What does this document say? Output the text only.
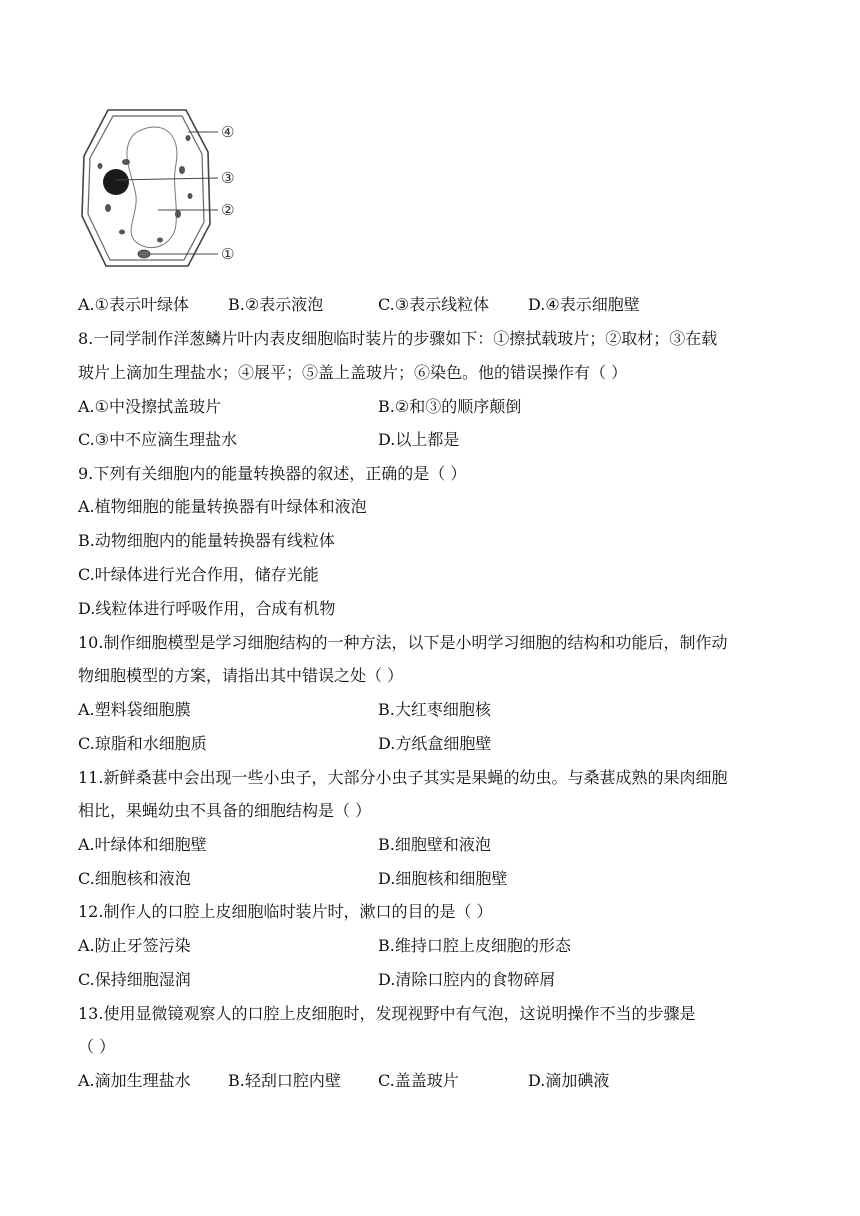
④
③
②
①
A.①表示叶绿体 B.②表示液泡	C.③表示线粒体 D.④表示细胞壁
8.一同学制作洋葱鳞片叶内表皮细胞临时装片的步骤如下：①擦拭载玻片；②取材；③在载
玻片上滴加生理盐水；④展平；⑤盖上盖玻片；⑥染色。他的错误操作有（ ）
A.①中没擦拭盖玻片	B.②和③的顺序颠倒
C.③中不应滴生理盐水	D.以上都是
9.下列有关细胞内的能量转换器的叙述，正确的是（ ）
A.植物细胞的能量转换器有叶绿体和液泡
B.动物细胞内的能量转换器有线粒体
C.叶绿体进行光合作用，储存光能
D.线粒体进行呼吸作用，合成有机物
10.制作细胞模型是学习细胞结构的一种方法，以下是小明学习细胞的结构和功能后，制作动
物细胞模型的方案，请指出其中错误之处（ ）
A.塑料袋细胞膜	B.大红枣细胞核
C.琼脂和水细胞质	D.方纸盒细胞壁
11.新鲜桑葚中会出现一些小虫子，大部分小虫子其实是果蝇的幼虫。与桑葚成熟的果肉细胞
相比，果蝇幼虫不具备的细胞结构是（ ）
A.叶绿体和细胞壁	B.细胞壁和液泡
C.细胞核和液泡	D.细胞核和细胞壁
12.制作人的口腔上皮细胞临时装片时，漱口的目的是（ ）
A.防止牙签污染	B.维持口腔上皮细胞的形态
C.保持细胞湿润	D.清除口腔内的食物碎屑
13.使用显微镜观察人的口腔上皮细胞时，发现视野中有气泡，这说明操作不当的步骤是
（ ）
A.滴加生理盐水 B.轻刮口腔内壁 C.盖盖玻片	D.滴加碘液
